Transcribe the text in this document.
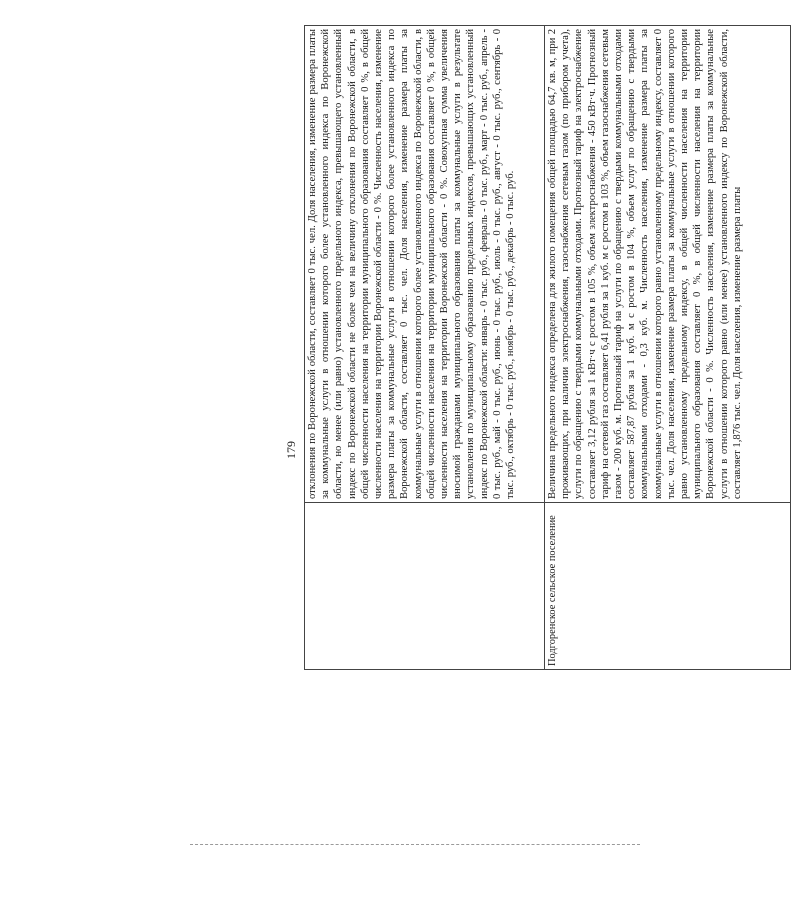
179
	отклонения по Воронежской области, составляет 0 тыс. чел. Доля населения, изменение размера платы за коммунальные услуги в отношении которого более установленного индекса по Воронежской области, но менее (или равно) установленного предельного индекса, превышающего установленный индекс по Воронежской области не более чем на величину отклонения по Воронежской области, в общей численности населения на территории муниципального образования составляет 0 %, в общей численности населения на территории Воронежской области - 0 %. Численность населения, изменение размера платы за коммунальные услуги в отношении которого более установленного индекса по Воронежской области, составляет 0 тыс. чел. Доля населения, изменение размера платы за коммунальные услуги в отношении которого более установленного индекса по Воронежской области, в общей численности населения на территории муниципального образования составляет 0 %, в общей численности населения на территории Воронежской области - 0 %. Совокупная сумма увеличения вносимой гражданами муниципального образования платы за коммунальные услуги в результате установления по муниципальному образованию предельных индексов, превышающих установленный индекс по Воронежской области: январь - 0 тыс. руб., февраль - 0 тыс. руб., март - 0 тыс. руб., апрель - 0 тыс. руб., май - 0 тыс. руб., июнь - 0 тыс. руб., июль - 0 тыс. руб., август - 0 тыс. руб., сентябрь - 0 тыс. руб., октябрь - 0 тыс. руб., ноябрь - 0 тыс. руб., декабрь - 0 тыс. руб.
Подгоренское сельское поселение	Величина предельного индекса определена для жилого помещения общей площадью 64,7 кв. м, при 2 проживающих, при наличии электроснабжения, газоснабжения сетевым газом (по прибором учета), услуги по обращению с твердыми коммунальными отходами. Прогнозный тариф на электроснабжение составляет 3,12 рубля за 1 кВт·ч с ростом в 105 %, объем электроснабжения - 450 кВт·ч. Прогнозный тариф на сетевой газ составляет 6,41 рубля за 1 куб. м с ростом в 103 %, объем газоснабжения сетевым газом - 200 куб. м. Прогнозный тариф на услуги по обращению с твердыми коммунальными отходами составляет 587,87 рубля за 1 куб. м с ростом в 104 %, объем услуг по обращению с твердыми коммунальными отходами - 0,3 куб. м. Численность населения, изменение размера платы за коммунальные услуги в отношении которого равно установленному предельному индексу, составляет 0 тыс. чел. Доля населения, изменение размера платы за коммунальные услуги в отношении которого равно установленному предельному индексу, в общей численности населения на территории муниципального образования составляет 0 %, в общей численности населения на территории Воронежской области - 0 %. Численность населения, изменение размера платы за коммунальные услуги в отношении которого равно (или менее) установленного индексу по Воронежской области, составляет 1,876 тыс. чел. Доля населения, изменение размера платы
